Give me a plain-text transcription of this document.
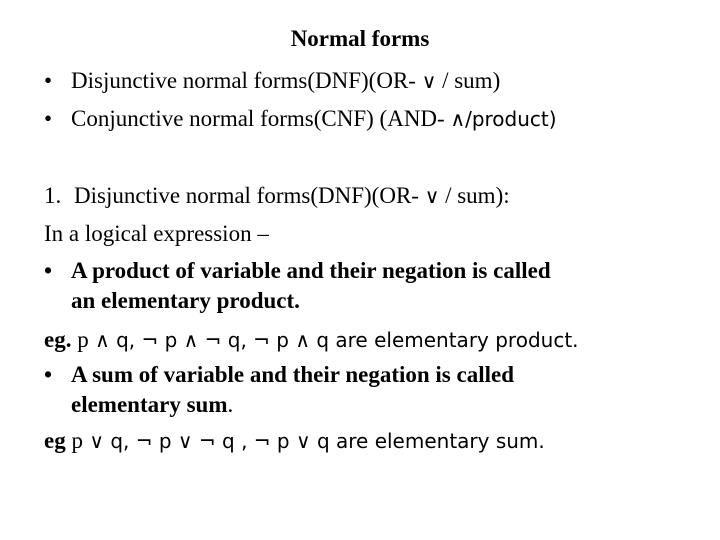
Normal forms
• Disjunctive normal forms(DNF)(OR- ∨ / sum)
• Conjunctive normal forms(CNF) (AND- ∧/product)
1. Disjunctive normal forms(DNF)(OR- ∨ / sum):
In a logical expression –
• A product of variable and their negation is called
an elementary product.
eg. p ∧ q, ¬ p ∧ ¬ q, ¬ p ∧ q are elementary product.
• A sum of variable and their negation is called
elementary sum.
eg p ∨ q, ¬ p ∨ ¬ q , ¬ p ∨ q are elementary sum.
